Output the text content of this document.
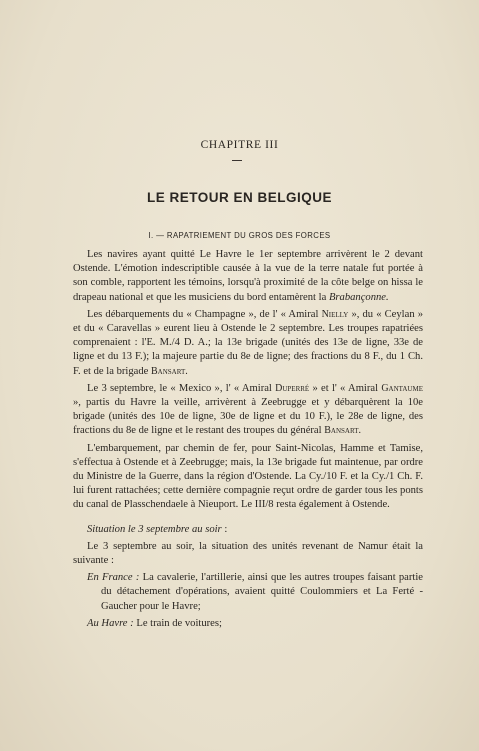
CHAPITRE III
LE RETOUR EN BELGIQUE
I. — RAPATRIEMENT DU GROS DES FORCES

Les navires ayant quitté Le Havre le 1er septembre arrivèrent le 2 devant Ostende. L'émotion indescriptible causée à la vue de la terre natale fut portée à son comble, rapportent les témoins, lorsqu'à proximité de la côte belge on hissa le drapeau national et que les musiciens du bord entamèrent la Brabançonne.

Les débarquements du « Champagne », de l' « Amiral Nielly », du « Ceylan » et du « Caravellas » eurent lieu à Ostende le 2 septembre. Les troupes rapatriées comprenaient : l'E. M./4 D. A.; la 13e brigade (unités des 13e de ligne, 33e de ligne et du 13 F.); la majeure partie du 8e de ligne; des fractions du 8 F., du 1 Ch. F. et de la brigade Bansart.

Le 3 septembre, le « Mexico », l' « Amiral Duperré » et l' « Amiral Gantaume », partis du Havre la veille, arrivèrent à Zeebrugge et y débarquèrent la 10e brigade (unités des 10e de ligne, 30e de ligne et du 10 F.), le 28e de ligne, des fractions du 8e de ligne et le restant des troupes du général Bansart.

L'embarquement, par chemin de fer, pour Saint-Nicolas, Hamme et Tamise, s'effectua à Ostende et à Zeebrugge; mais, la 13e brigade fut maintenue, par ordre du Ministre de la Guerre, dans la région d'Ostende. La Cy./10 F. et la Cy./1 Ch. F. lui furent rattachées; cette dernière compagnie reçut ordre de garder tous les ponts du canal de Plasschendaele à Nieuport. Le III/8 resta également à Ostende.

Situation le 3 septembre au soir :

Le 3 septembre au soir, la situation des unités revenant de Namur était la suivante :

En France : La cavalerie, l'artillerie, ainsi que les autres troupes faisant partie du détachement d'opérations, avaient quitté Coulommiers et La Ferté - Gaucher pour le Havre;

Au Havre : Le train de voitures;
